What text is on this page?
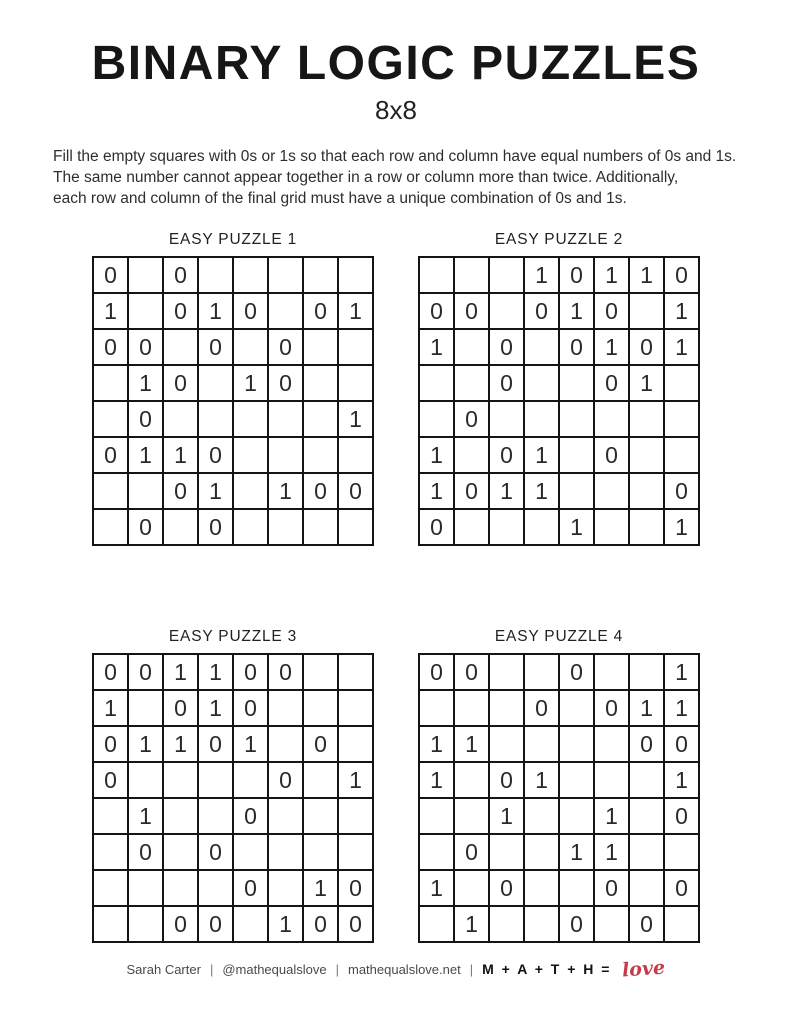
BINARY LOGIC PUZZLES
8x8
Fill the empty squares with 0s or 1s so that each row and column have equal numbers of 0s and 1s.
The same number cannot appear together in a row or column more than twice. Additionally,
each row and column of the final grid must have a unique combination of 0s and 1s.
EASY PUZZLE 1
0		0					
1		0	1	0		0	1
0	0		0		0		
	1	0		1	0		
	0						1
0	1	1	0				
		0	1		1	0	0
	0		0				
EASY PUZZLE 2
			1	0	1	1	0
0	0		0	1	0		1
1		0		0	1	0	1
		0			0	1	
	0						
1		0	1		0		
1	0	1	1				0
0				1			1
EASY PUZZLE 3
0	0	1	1	0	0		
1		0	1	0			
0	1	1	0	1		0	
0					0		1
	1			0			
	0		0				
				0		1	0
		0	0		1	0	0
EASY PUZZLE 4
0	0			0			1
			0		0	1	1
1	1					0	0
1		0	1				1
		1			1		0
	0			1	1		
1		0			0		0
	1			0		0	
Sarah Carter | @mathequalslove | mathequalslove.net | M + A + T + H = love
